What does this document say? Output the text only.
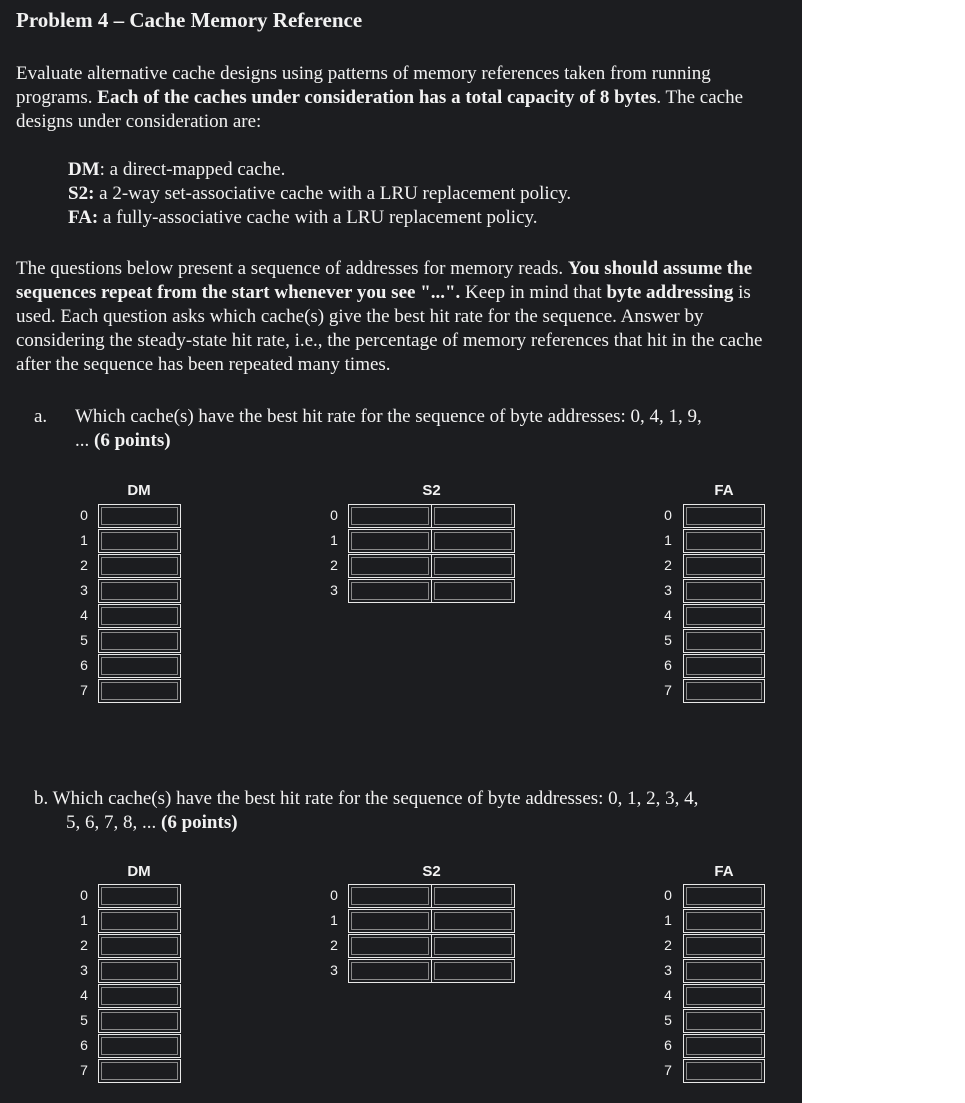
Problem 4 – Cache Memory Reference
Evaluate alternative cache designs using patterns of memory references taken from running programs. Each of the caches under consideration has a total capacity of 8 bytes. The cache designs under consideration are:
DM: a direct-mapped cache.
S2: a 2-way set-associative cache with a LRU replacement policy.
FA: a fully-associative cache with a LRU replacement policy.
The questions below present a sequence of addresses for memory reads. You should assume the sequences repeat from the start whenever you see "...". Keep in mind that byte addressing is used. Each question asks which cache(s) give the best hit rate for the sequence. Answer by considering the steady-state hit rate, i.e., the percentage of memory references that hit in the cache after the sequence has been repeated many times.
a. Which cache(s) have the best hit rate for the sequence of byte addresses: 0, 4, 1, 9,
... (6 points)
b. Which cache(s) have the best hit rate for the sequence of byte addresses: 0, 1, 2, 3, 4,
5, 6, 7, 8, ... (6 points)
DM
0
1
2
3
4
5
6
7
S2
0
1
2
3
FA
0
1
2
3
4
5
6
7
DM
0
1
2
3
4
5
6
7
S2
0
1
2
3
FA
0
1
2
3
4
5
6
7
